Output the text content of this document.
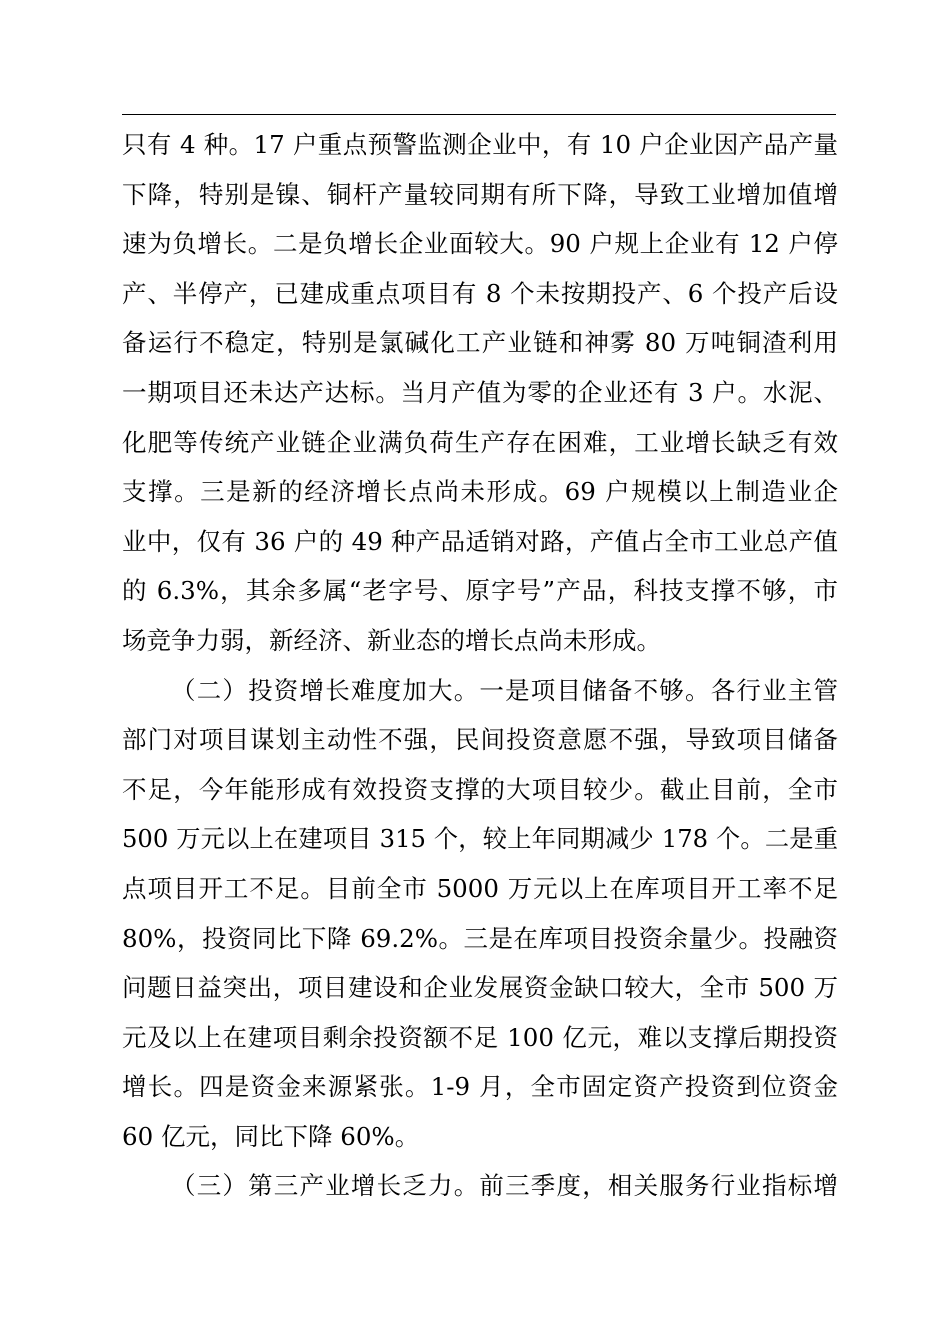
只有 4 种。17 户重点预警监测企业中，有 10 户企业因产品产量
下降，特别是镍、铜杆产量较同期有所下降，导致工业增加值增
速为负增长。二是负增长企业面较大。90 户规上企业有 12 户停
产、半停产，已建成重点项目有 8 个未按期投产、6 个投产后设
备运行不稳定，特别是氯碱化工产业链和神雾 80 万吨铜渣利用
一期项目还未达产达标。当月产值为零的企业还有 3 户。水泥、
化肥等传统产业链企业满负荷生产存在困难，工业增长缺乏有效
支撑。三是新的经济增长点尚未形成。69 户规模以上制造业企
业中，仅有 36 户的 49 种产品适销对路，产值占全市工业总产值
的 6.3%，其余多属“老字号、原字号”产品，科技支撑不够，市
场竞争力弱，新经济、新业态的增长点尚未形成。
（二）投资增长难度加大。一是项目储备不够。各行业主管
部门对项目谋划主动性不强，民间投资意愿不强，导致项目储备
不足，今年能形成有效投资支撑的大项目较少。截止目前，全市
500 万元以上在建项目 315 个，较上年同期减少 178 个。二是重
点项目开工不足。目前全市 5000 万元以上在库项目开工率不足
80%，投资同比下降 69.2%。三是在库项目投资余量少。投融资
问题日益突出，项目建设和企业发展资金缺口较大，全市 500 万
元及以上在建项目剩余投资额不足 100 亿元，难以支撑后期投资
增长。四是资金来源紧张。1-9 月，全市固定资产投资到位资金
60 亿元，同比下降 60%。
（三）第三产业增长乏力。前三季度，相关服务行业指标增
